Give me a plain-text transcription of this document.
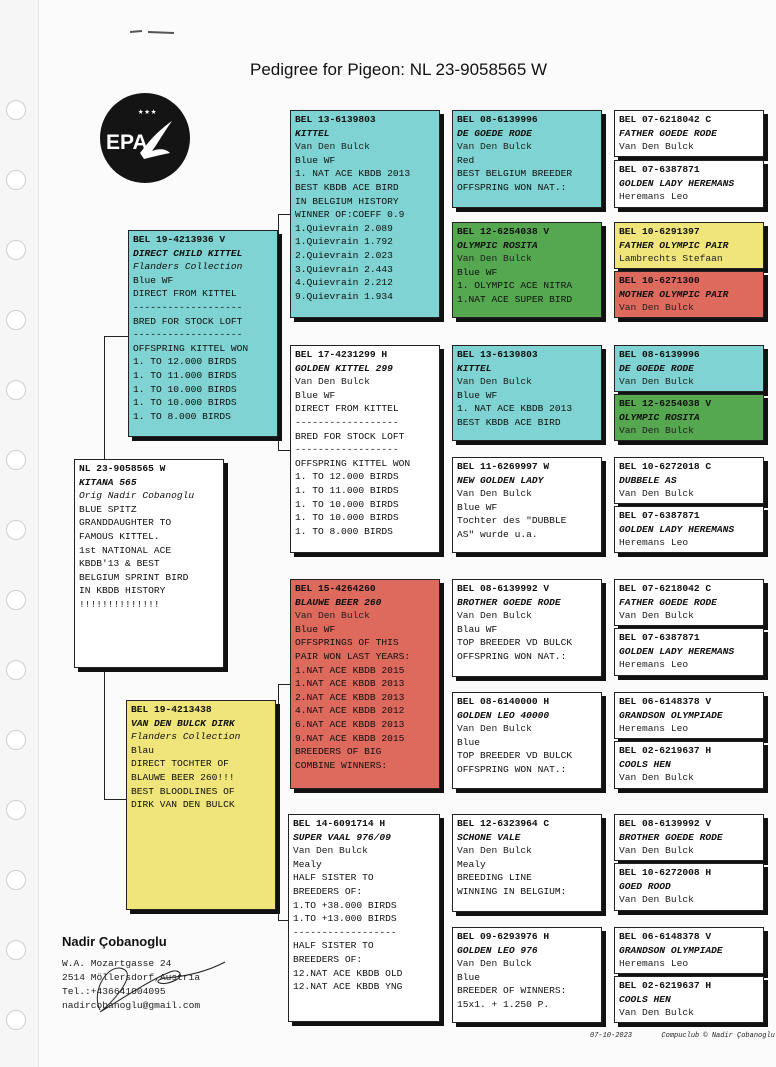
Pedigree for Pigeon: NL 23-9058565 W
★★★
EPA
NL 23-9058565 W
KITANA 565
Orig Nadir Cobanoglu
BLUE SPITZ
GRANDDAUGHTER TO
FAMOUS KITTEL.
1st NATIONAL ACE
KBDB'13 & BEST
BELGIUM SPRINT BIRD
IN KBDB HISTORY
!!!!!!!!!!!!!!
BEL 19-4213936 V
DIRECT CHILD KITTEL
Flanders Collection
Blue WF
DIRECT FROM KITTEL
-------------------
BRED FOR STOCK LOFT
-------------------
OFFSPRING KITTEL WON
1. TO 12.000 BIRDS
1. TO 11.000 BIRDS
1. TO 10.000 BIRDS
1. TO 10.000 BIRDS
1. TO 8.000 BIRDS
BEL 19-4213438
VAN DEN BULCK DIRK
Flanders Collection
Blau
DIRECT TOCHTER OF
BLAUWE BEER 260!!!
BEST BLOODLINES OF
DIRK VAN DEN BULCK
BEL 13-6139803
KITTEL
Van Den Bulck
Blue WF
1. NAT ACE KBDB 2013
BEST KBDB ACE BIRD
IN BELGIUM HISTORY
WINNER OF:COEFF 0.9
1.Quievrain 2.089
1.Quievrain 1.792
2.Quievrain 2.023
3.Quievrain 2.443
4.Quievrain 2.212
9.Quievrain 1.934
BEL 17-4231299 H
GOLDEN KITTEL 299
Van Den Bulck
Blue WF
DIRECT FROM KITTEL
------------------
BRED FOR STOCK LOFT
------------------
OFFSPRING KITTEL WON
1. TO 12.000 BIRDS
1. TO 11.000 BIRDS
1. TO 10.000 BIRDS
1. TO 10.000 BIRDS
1. TO 8.000 BIRDS
BEL 15-4264260
BLAUWE BEER 260
Van Den Bulck
Blue WF
OFFSPRINGS OF THIS
PAIR WON LAST YEARS:
1.NAT ACE KBDB 2015
1.NAT ACE KBDB 2013
2.NAT ACE KBDB 2013
4.NAT ACE KBDB 2012
6.NAT ACE KBDB 2013
9.NAT ACE KBDB 2015
BREEDERS OF BIG
COMBINE WINNERS:
BEL 14-6091714 H
SUPER VAAL 976/09
Van Den Bulck
Mealy
HALF SISTER TO
BREEDERS OF:
1.TO +38.000 BIRDS
1.TO +13.000 BIRDS
------------------
HALF SISTER TO
BREEDERS OF:
12.NAT ACE KBDB OLD
12.NAT ACE KBDB YNG
BEL 08-6139996
DE GOEDE RODE
Van Den Bulck
Red
BEST BELGIUM BREEDER
OFFSPRING WON NAT.:
BEL 12-6254038 V
OLYMPIC ROSITA
Van Den Bulck
Blue WF
1. OLYMPIC ACE NITRA
1.NAT ACE SUPER BIRD
BEL 13-6139803
KITTEL
Van Den Bulck
Blue WF
1. NAT ACE KBDB 2013
BEST KBDB ACE BIRD
BEL 11-6269997 W
NEW GOLDEN LADY
Van Den Bulck
Blue WF
Tochter des "DUBBLE
AS" wurde u.a.
BEL 08-6139992 V
BROTHER GOEDE RODE
Van Den Bulck
Blau WF
TOP BREEDER VD BULCK
OFFSPRING WON NAT.:
BEL 08-6140000 H
GOLDEN LEO 40000
Van Den Bulck
Blue
TOP BREEDER VD BULCK
OFFSPRING WON NAT.:
BEL 12-6323964 C
SCHONE VALE
Van Den Bulck
Mealy
BREEDING LINE
WINNING IN BELGIUM:
BEL 09-6293976 H
GOLDEN LEO 976
Van Den Bulck
Blue
BREEDER OF WINNERS:
15x1. + 1.250 P.
BEL 07-6218042 C
FATHER GOEDE RODE
Van Den Bulck
BEL 07-6387871
GOLDEN LADY HEREMANS
Heremans Leo
BEL 10-6291397
FATHER OLYMPIC PAIR
Lambrechts Stefaan
BEL 10-6271300
MOTHER OLYMPIC PAIR
Van Den Bulck
BEL 08-6139996
DE GOEDE RODE
Van Den Bulck
BEL 12-6254038 V
OLYMPIC ROSITA
Van Den Bulck
BEL 10-6272018 C
DUBBELE AS
Van Den Bulck
BEL 07-6387871
GOLDEN LADY HEREMANS
Heremans Leo
BEL 07-6218042 C
FATHER GOEDE RODE
Van Den Bulck
BEL 07-6387871
GOLDEN LADY HEREMANS
Heremans Leo
BEL 06-6148378 V
GRANDSON OLYMPIADE
Heremans Leo
BEL 02-6219637 H
COOLS HEN
Van Den Bulck
BEL 08-6139992 V
BROTHER GOEDE RODE
Van Den Bulck
BEL 10-6272008 H
GOED ROOD
Van Den Bulck
BEL 06-6148378 V
GRANDSON OLYMPIADE
Heremans Leo
BEL 02-6219637 H
COOLS HEN
Van Den Bulck
Nadir Çobanoglu
W.A. Mozartgasse 24
2514 Möllersdorf,Austria
Tel.:+436641004095
nadircobanoglu@gmail.com
07-10-2023	Compuclub © Nadir Çobanoglu
